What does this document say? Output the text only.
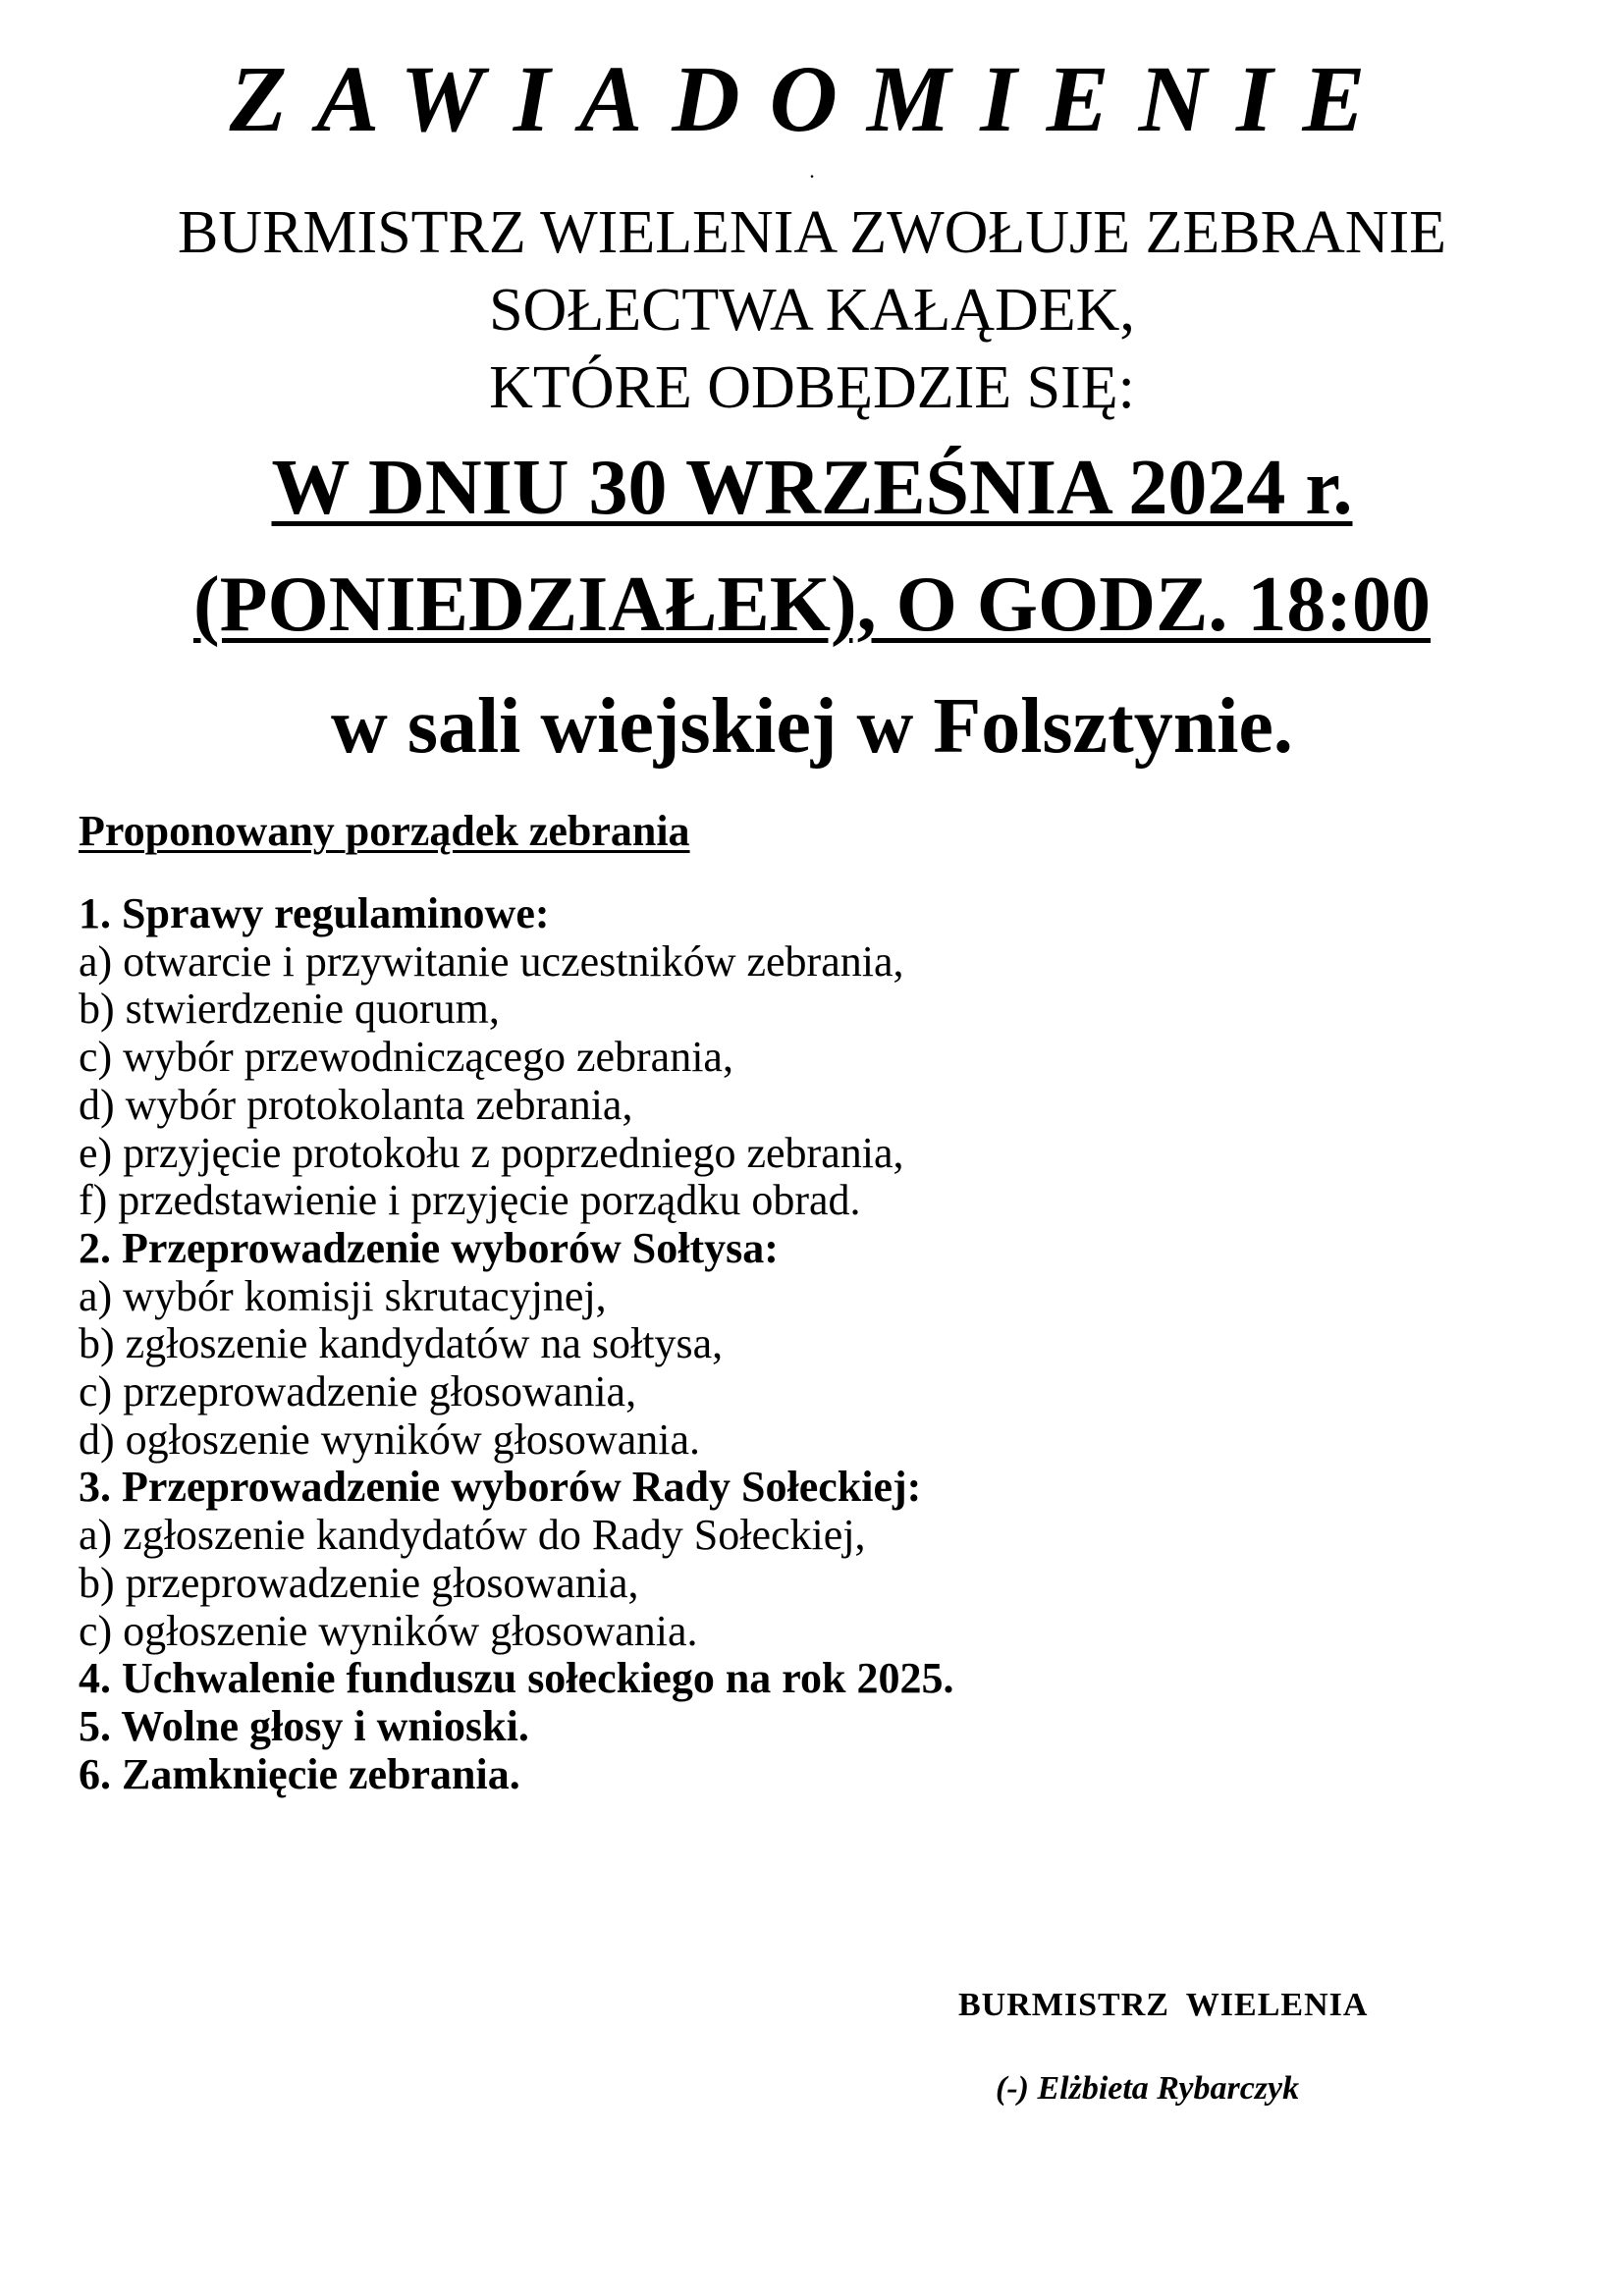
ZAWIADOMIENIE
.
BURMISTRZ WIELENIA ZWOŁUJE ZEBRANIE
SOŁECTWA KAŁĄDEK,
KTÓRE ODBĘDZIE SIĘ:
W DNIU 30 WRZEŚNIA 2024 r.
(PONIEDZIAŁEK), O GODZ. 18:00
w sali wiejskiej w Folsztynie.
Proponowany porządek zebrania
1. Sprawy regulaminowe:
a) otwarcie i przywitanie uczestników zebrania,
b) stwierdzenie quorum,
c) wybór przewodniczącego zebrania,
d) wybór protokolanta zebrania,
e) przyjęcie protokołu z poprzedniego zebrania,
f) przedstawienie i przyjęcie porządku obrad.
2. Przeprowadzenie wyborów Sołtysa:
a) wybór komisji skrutacyjnej,
b) zgłoszenie kandydatów na sołtysa,
c) przeprowadzenie głosowania,
d) ogłoszenie wyników głosowania.
3. Przeprowadzenie wyborów Rady Sołeckiej:
a) zgłoszenie kandydatów do Rady Sołeckiej,
b) przeprowadzenie głosowania,
c) ogłoszenie wyników głosowania.
4. Uchwalenie funduszu sołeckiego na rok 2025.
5. Wolne głosy i wnioski.
6. Zamknięcie zebrania.
BURMISTRZ WIELENIA
(-) Elżbieta Rybarczyk
